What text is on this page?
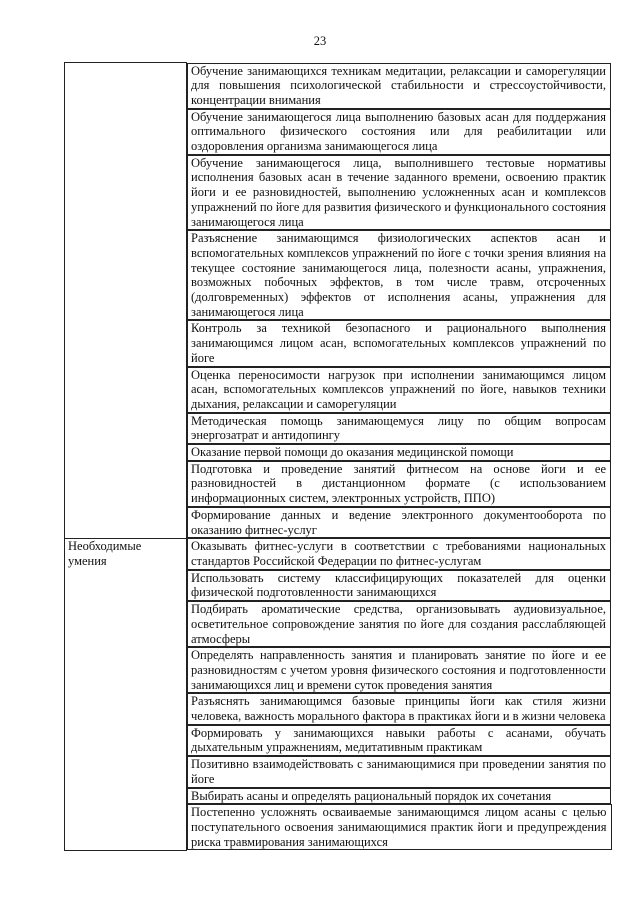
23

Обучение занимающихся техникам медитации, релаксации и саморегуляции для повышения психологической стабильности и стрессоустойчивости, концентрации внимания

Обучение занимающегося лица выполнению базовых асан для поддержания оптимального физического состояния или для реабилитации или оздоровления организма занимающегося лица

Обучение занимающегося лица, выполнившего тестовые нормативы исполнения базовых асан в течение заданного времени, освоению практик йоги и ее разновидностей, выполнению усложненных асан и комплексов упражнений по йоге для развития физического и функционального состояния занимающегося лица

Разъяснение занимающимся физиологических аспектов асан и вспомогательных комплексов упражнений по йоге с точки зрения влияния на текущее состояние занимающегося лица, полезности асаны, упражнения, возможных побочных эффектов, в том числе травм, отсроченных (долговременных) эффектов от исполнения асаны, упражнения для занимающегося лица

Контроль за техникой безопасного и рационального выполнения занимающимся лицом асан, вспомогательных комплексов упражнений по йоге

Оценка переносимости нагрузок при исполнении занимающимся лицом асан, вспомогательных комплексов упражнений по йоге, навыков техники дыхания, релаксации и саморегуляции

Методическая помощь занимающемуся лицу по общим вопросам энергозатрат и антидопингу

Оказание первой помощи до оказания медицинской помощи

Подготовка и проведение занятий фитнесом на основе йоги и ее разновидностей в дистанционном формате (с использованием информационных систем, электронных устройств, ППО)

Формирование данных и ведение электронного документооборота по оказанию фитнес-услуг

Необходимые умения	
Оказывать фитнес-услуги в соответствии с требованиями национальных стандартов Российской Федерации по фитнес-услугам

Использовать систему классифицирующих показателей для оценки физической подготовленности занимающихся

Подбирать ароматические средства, организовывать аудиовизуальное, осветительное сопровождение занятия по йоге для создания расслабляющей атмосферы

Определять направленность занятия и планировать занятие по йоге и ее разновидностям с учетом уровня физического состояния и подготовленности занимающихся лиц и времени суток проведения занятия

Разъяснять занимающимся базовые принципы йоги как стиля жизни человека, важность морального фактора в практиках йоги и в жизни человека

Формировать у занимающихся навыки работы с асанами, обучать дыхательным упражнениям, медитативным практикам

Позитивно взаимодействовать с занимающимися при проведении занятия по йоге

Выбирать асаны и определять рациональный порядок их сочетания

Постепенно усложнять осваиваемые занимающимся лицом асаны с целью поступательного освоения занимающимися практик йоги и предупреждения риска травмирования занимающихся
